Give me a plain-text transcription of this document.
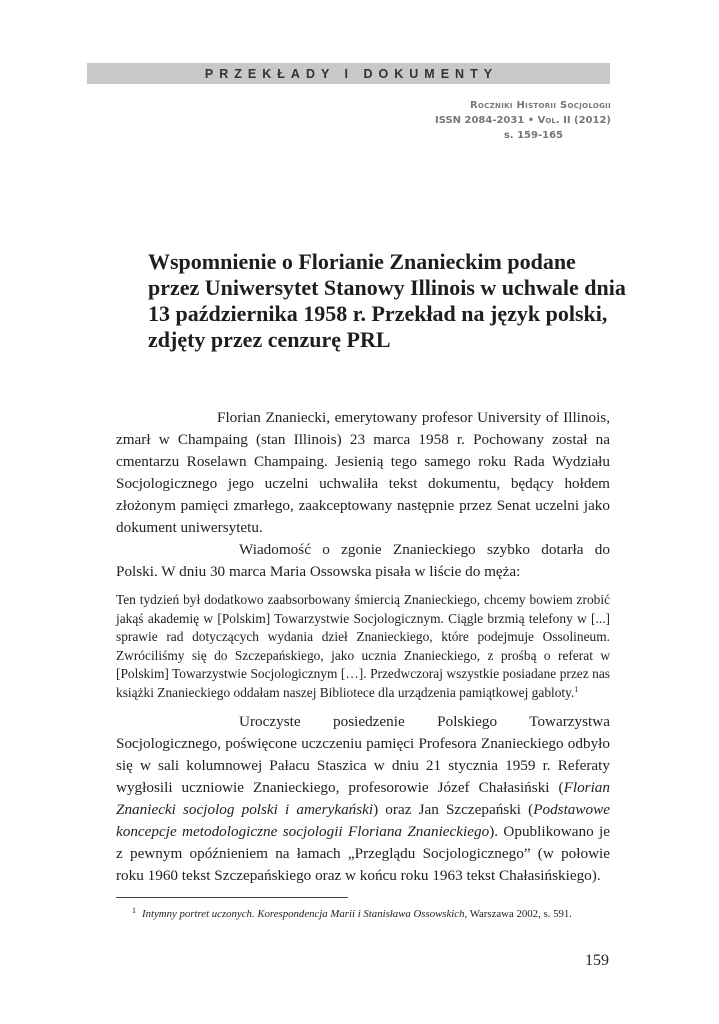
PRZEKŁADY I DOKUMENTY
Roczniki Historii Socjologii
ISSN 2084-2031 • Vol. II (2012)
s. 159-165
Wspomnienie o Florianie Znanieckim podane przez Uniwersytet Stanowy Illinois w uchwale dnia 13 października 1958 r. Przekład na język polski, zdjęty przez cenzurę PRL

Florian Znaniecki, emerytowany profesor University of Illinois, zmarł w Champaing (stan Illinois) 23 marca 1958 r. Pochowany został na cmentarzu Roselawn Champaing. Jesienią tego samego roku Rada Wydziału Socjologicznego jego uczelni uchwaliła tekst dokumentu, będący hołdem złożonym pamięci zmarłego, zaakceptowany następnie przez Senat uczelni jako dokument uniwersytetu.

Wiadomość o zgonie Znanieckiego szybko dotarła do Polski. W dniu 30 marca Maria Ossowska pisała w liście do męża:

Ten tydzień był dodatkowo zaabsorbowany śmiercią Znanieckiego, chcemy bowiem zrobić jakąś akademię w [Polskim] Towarzystwie Socjologicznym. Ciągle brzmią telefony w [...] sprawie rad dotyczących wydania dzieł Znanieckiego, które podejmuje Ossolineum. Zwróciliśmy się do Szczepańskiego, jako ucznia Znanieckiego, z prośbą o referat w [Polskim] Towarzystwie Socjologicznym […]. Przedwczoraj wszystkie posiadane przez nas książki Znanieckiego oddałam naszej Bibliotece dla urządzenia pamiątkowej gabloty.$^1$

Uroczyste posiedzenie Polskiego Towarzystwa Socjologicznego, poświęcone uczczeniu pamięci Profesora Znanieckiego odbyło się w sali kolumnowej Pałacu Staszica w dniu 21 stycznia 1959 r. Referaty wygłosili uczniowie Znanieckiego, profesorowie Józef Chałasiński (Florian Znaniecki socjolog polski i amerykański) oraz Jan Szczepański (Podstawowe koncepcje metodologiczne socjologii Floriana Znanieckiego). Opublikowano je z pewnym opóźnieniem na łamach „Przeglądu Socjologicznego” (w połowie roku 1960 tekst Szczepańskiego oraz w końcu roku 1963 tekst Chałasińskiego).

$^1$ Intymny portret uczonych. Korespondencja Marii i Stanisława Ossowskich, Warszawa 2002, s. 591.
159
